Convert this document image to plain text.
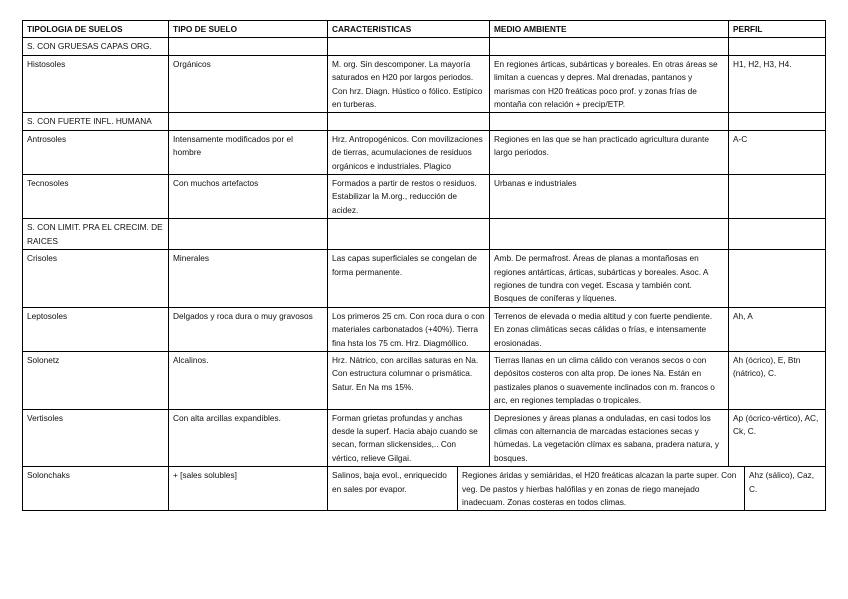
TIPOLOGIA DE SUELOS	TIPO DE SUELO	CARACTERISTICAS	MEDIO AMBIENTE	PERFIL
S. CON GRUESAS CAPAS ORG.				
Histosoles	Orgánicos	M. org. Sin descomponer. La mayoría saturados en H20 por largos periodos. Con hrz. Diagn. Hústico o fólico. Estípico en turberas.	En regiones árticas, subárticas y boreales. En otras áreas se limitan a cuencas y depres. Mal drenadas, pantanos y marismas con H20 freáticas poco prof. y zonas frías de montaña con relación + precip/ETP.	H1, H2, H3, H4.
S. CON FUERTE INFL. HUMANA				
Antrosoles	Intensamente modificados por el hombre	Hrz. Antropogénicos. Con movilizaciones de tierras, acumulaciones de residuos orgánicos e industriales. Plagico	Regiones en las que se han practicado agricultura durante largo periodos.	A-C
Tecnosoles	Con muchos artefactos	Formados a partir de restos o residuos. Estabilizar la M.org., reducción de acidez.	Urbanas e industriales	
S. CON LIMIT. PRA EL CRECIM. DE RAICES				
Crisoles	Minerales	Las capas superficiales se congelan de forma permanente.	Amb. De permafrost. Áreas de planas a montañosas en regiones antárticas, árticas, subárticas y boreales. Asoc. A regiones de tundra con veget. Escasa y también cont. Bosques de coníferas y líquenes.	
Leptosoles	Delgados y roca dura o muy gravosos	Los primeros 25 cm. Con roca dura o con materiales carbonatados (+40%). Tierra fina hsta los 75 cm. Hrz. Diagmóllico.	Terrenos de elevada o media altitud y con fuerte pendiente. En zonas climáticas secas cálidas o frías, e intensamente erosionadas.	Ah, A
Solonetz	Alcalinos.	Hrz. Nátrico, con arcillas saturas en Na. Con estructura columnar o prismática. Satur. En Na ms 15%.	Tierras llanas en un clima cálido con veranos secos o con depósitos costeros con alta prop. De iones Na. Están en pastizales planos o suavemente inclinados con m. francos o arc, en regiones templadas o tropicales.	Ah (ócrico), E, Btn (nátrico), C.
Vertisoles	Con alta arcillas expandibles.	Forman grietas profundas y anchas desde la superf. Hacia abajo cuando se secan, forman slickensides,.. Con vértico, relieve Gilgai.	Depresiones y áreas planas a onduladas, en casi todos los climas con alternancia de marcadas estaciones secas y húmedas. La vegetación clímax es sabana, pradera natura, y bosques.	Ap (ócrico-vértico), AC, Ck, C.
Solonchaks	+ [sales solubles]	Salinos, baja evol., enriquecido en sales por evapor.	Regiones áridas y semiáridas, el H20 freáticas alcazan la parte super. Con veg. De pastos y hierbas halófilas y en zonas de riego manejado inadecuam. Zonas costeras en todos climas.	Ahz (sálico), Caz, C.
